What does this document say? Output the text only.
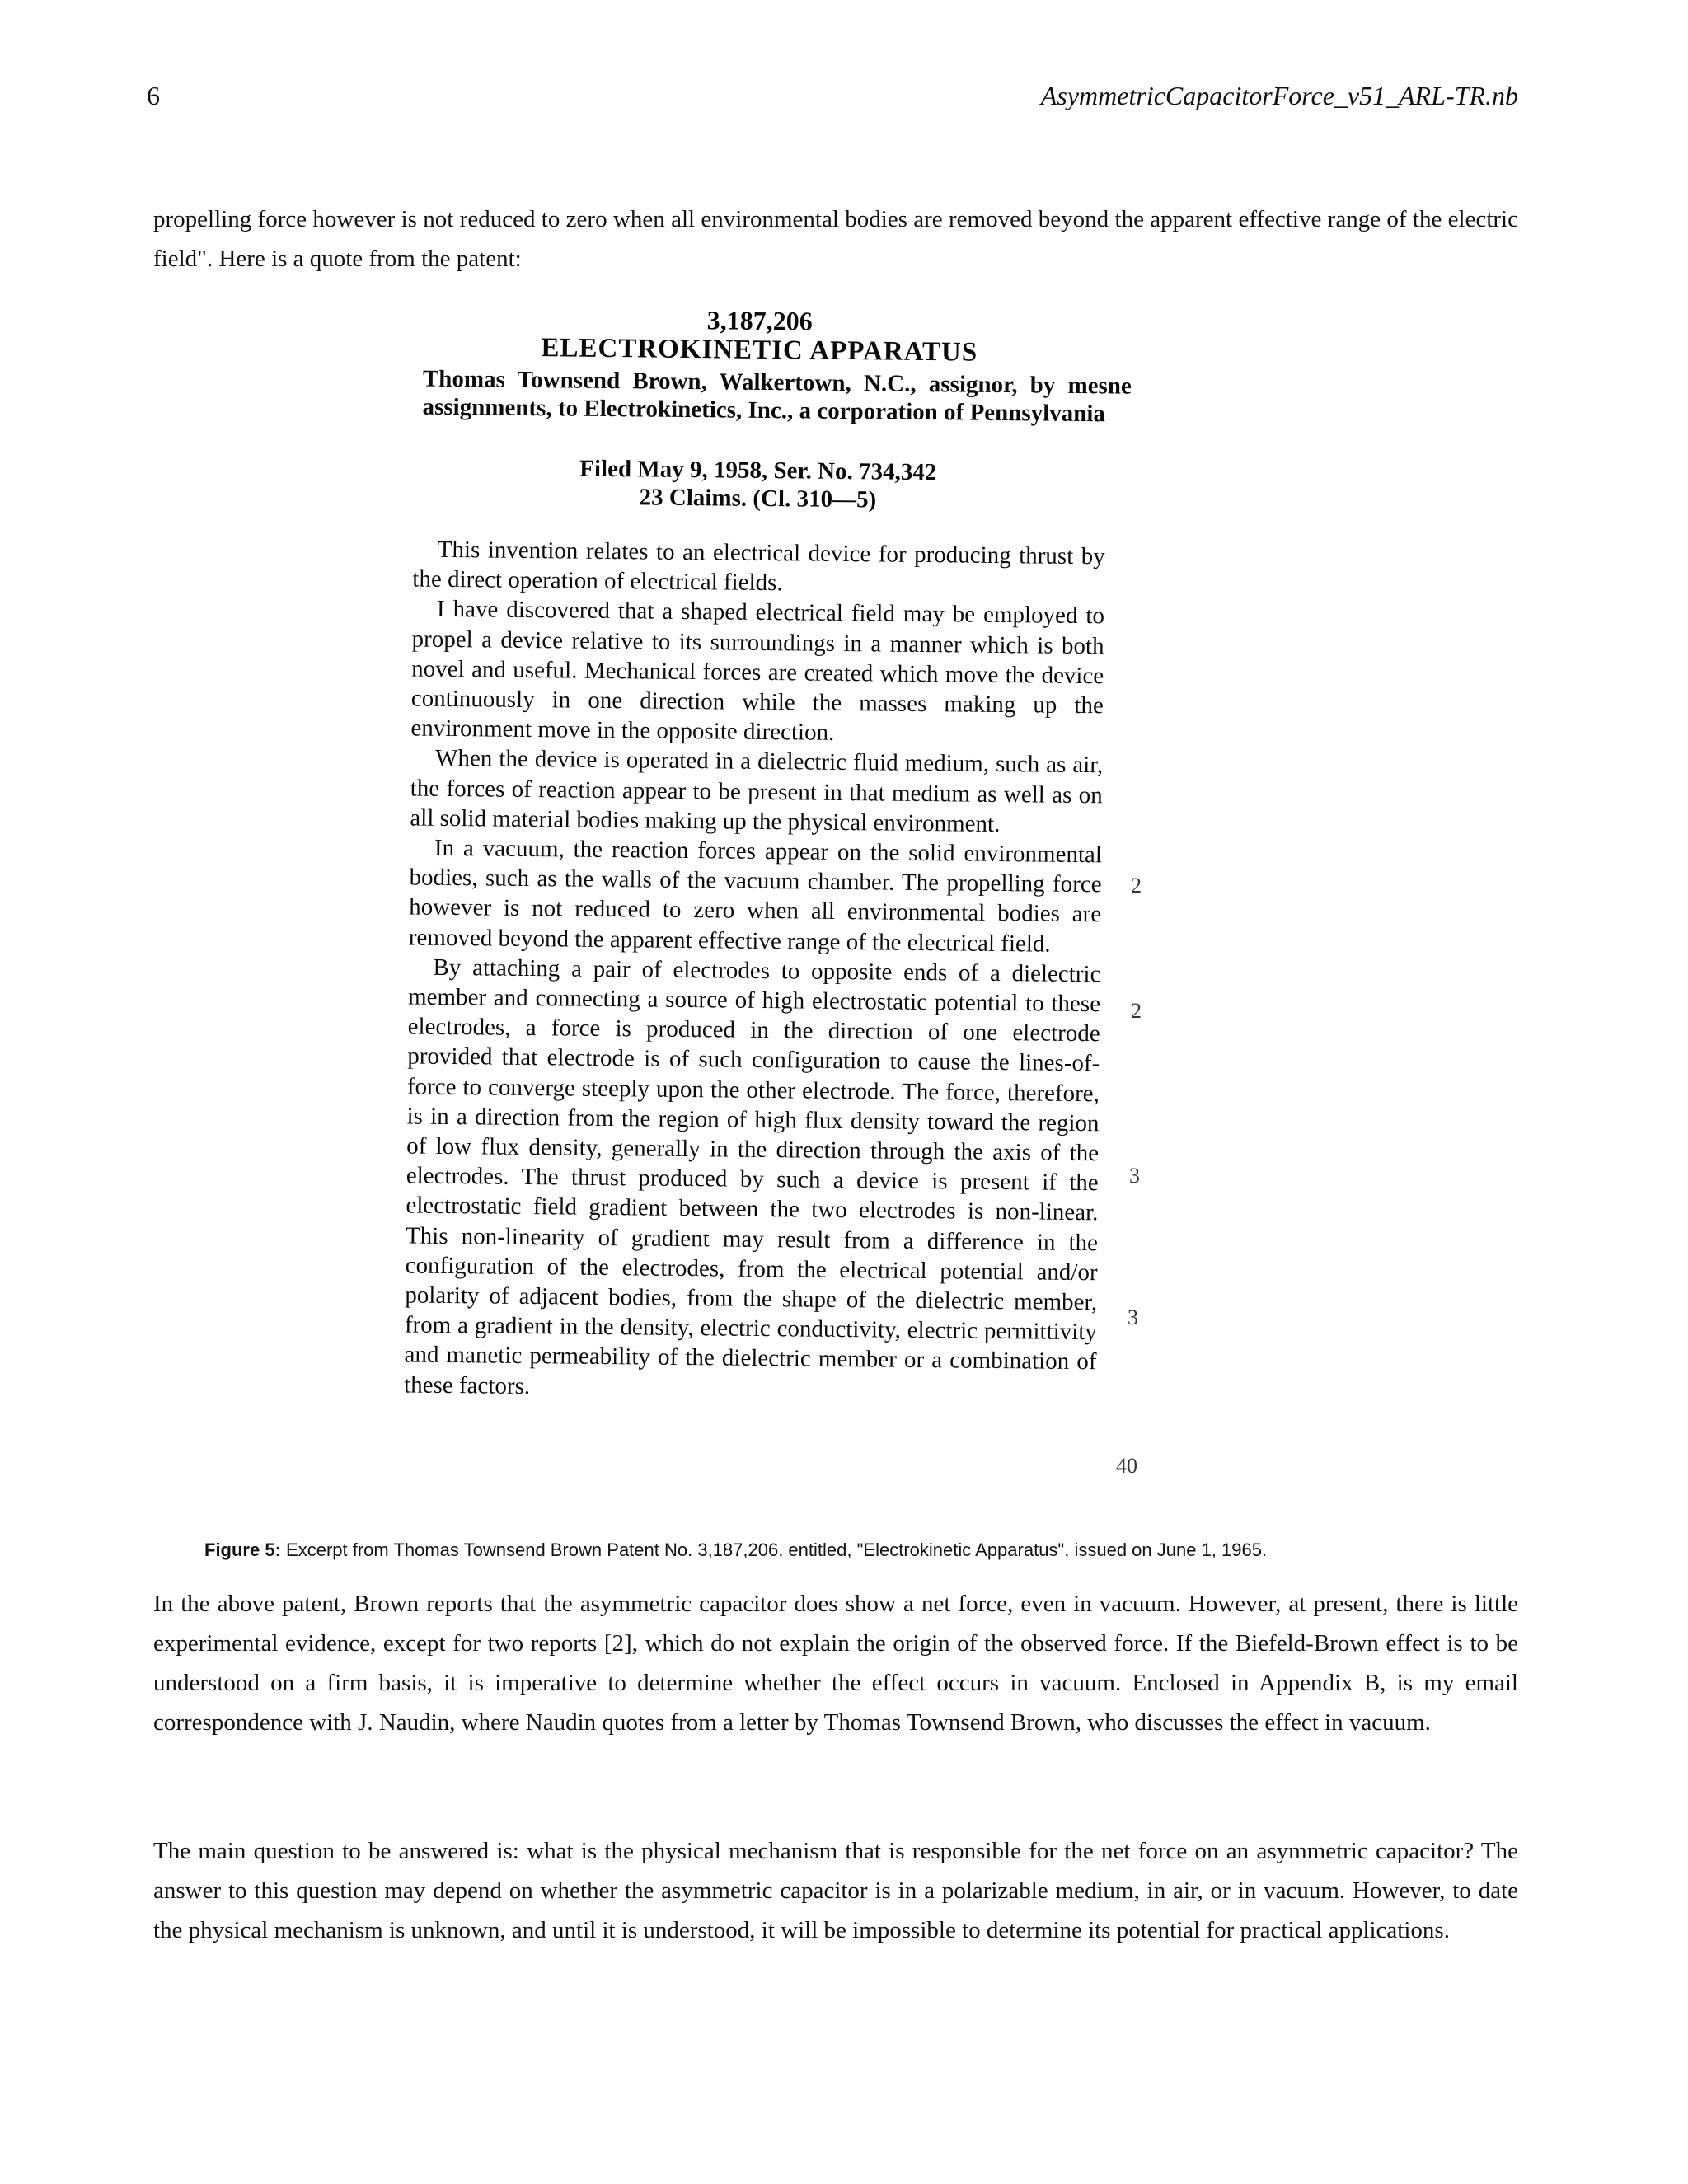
6	AsymmetricCapacitorForce_v51_ARL-TR.nb

propelling force however is not reduced to zero when all environmental bodies are removed beyond the apparent effective range of the electric field". Here is a quote from the patent:

3,187,206
ELECTROKINETIC APPARATUS
Thomas Townsend Brown, Walkertown, N.C., assignor, by mesne assignments, to Electrokinetics, Inc., a corporation of Pennsylvania
Filed May 9, 1958, Ser. No. 734,342
23 Claims. (Cl. 310—5)

This invention relates to an electrical device for producing thrust by the direct operation of electrical fields.

I have discovered that a shaped electrical field may be employed to propel a device relative to its surroundings in a manner which is both novel and useful. Mechanical forces are created which move the device continuously in one direction while the masses making up the environment move in the opposite direction.

When the device is operated in a dielectric fluid medium, such as air, the forces of reaction appear to be present in that medium as well as on all solid material bodies making up the physical environment.

In a vacuum, the reaction forces appear on the solid environmental bodies, such as the walls of the vacuum chamber. The propelling force however is not reduced to zero when all environmental bodies are removed beyond the apparent effective range of the electrical field.

By attaching a pair of electrodes to opposite ends of a dielectric member and connecting a source of high electrostatic potential to these electrodes, a force is produced in the direction of one electrode provided that electrode is of such configuration to cause the lines-of-force to converge steeply upon the other electrode. The force, therefore, is in a direction from the region of high flux density toward the region of low flux density, generally in the direction through the axis of the electrodes. The thrust produced by such a device is present if the electrostatic field gradient between the two electrodes is non-linear. This non-linearity of gradient may result from a difference in the configuration of the electrodes, from the electrical potential and/or polarity of adjacent bodies, from the shape of the dielectric member, from a gradient in the density, electric conductivity, electric permittivity and manetic permeability of the dielectric member or a combination of these factors.

2
2
3
3
40
Figure 5: Excerpt from Thomas Townsend Brown Patent No. 3,187,206, entitled, "Electrokinetic Apparatus", issued on June 1, 1965.

In the above patent, Brown reports that the asymmetric capacitor does show a net force, even in vacuum. However, at present, there is little experimental evidence, except for two reports [2], which do not explain the origin of the observed force. If the Biefeld-Brown effect is to be understood on a firm basis, it is imperative to determine whether the effect occurs in vacuum. Enclosed in Appendix B, is my email correspondence with J. Naudin, where Naudin quotes from a letter by Thomas Townsend Brown, who discusses the effect in vacuum.

The main question to be answered is: what is the physical mechanism that is responsible for the net force on an asymmetric capacitor? The answer to this question may depend on whether the asymmetric capacitor is in a polarizable medium, in air, or in vacuum. However, to date the physical mechanism is unknown, and until it is understood, it will be impossible to determine its potential for practical applications.
